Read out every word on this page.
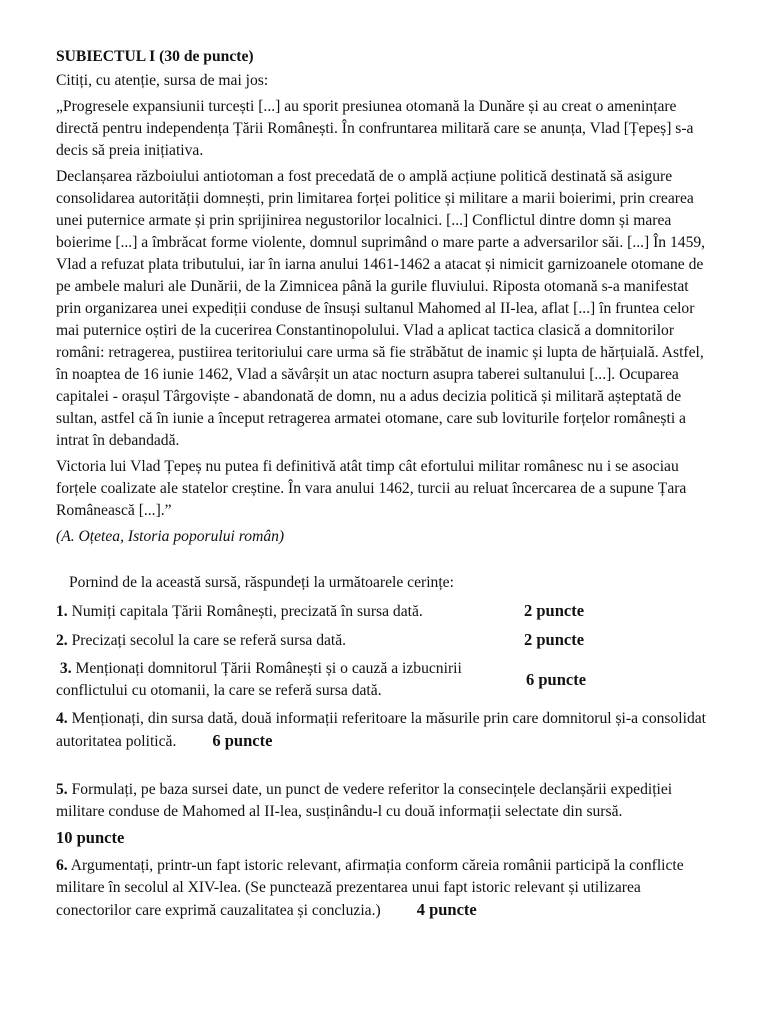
SUBIECTUL I (30 de puncte)
Citiți, cu atenție, sursa de mai jos:
„Progresele expansiunii turcești [...] au sporit presiunea otomană la Dunăre și au creat o amenințare directă pentru independența Țării Românești. În confruntarea militară care se anunța, Vlad [Țepeș] s-a decis să preia inițiativa.
Declanșarea războiului antiotoman a fost precedată de o amplă acțiune politică destinată să asigure consolidarea autorității domnești, prin limitarea forței politice și militare a marii boierimi, prin crearea unei puternice armate și prin sprijinirea negustorilor localnici. [...] Conflictul dintre domn și marea boierime [...] a îmbrăcat forme violente, domnul suprimând o mare parte a adversarilor săi. [...] În 1459, Vlad a refuzat plata tributului, iar în iarna anului 1461-1462 a atacat și nimicit garnizoanele otomane de pe ambele maluri ale Dunării, de la Zimnicea până la gurile fluviului. Riposta otomană s-a manifestat prin organizarea unei expediții conduse de însuși sultanul Mahomed al II-lea, aflat [...] în fruntea celor mai puternice oștiri de la cucerirea Constantinopolului. Vlad a aplicat tactica clasică a domnitorilor români: retragerea, pustiirea teritoriului care urma să fie străbătut de inamic și lupta de hărțuială. Astfel, în noaptea de 16 iunie 1462, Vlad a săvârșit un atac nocturn asupra taberei sultanului [...]. Ocuparea capitalei - orașul Târgoviște - abandonată de domn, nu a adus decizia politică și militară așteptată de sultan, astfel că în iunie a început retragerea armatei otomane, care sub loviturile forțelor românești a intrat în debandadă.
Victoria lui Vlad Țepeș nu putea fi definitivă atât timp cât efortului militar românesc nu i se asociau forțele coalizate ale statelor creștine. În vara anului 1462, turcii au reluat încercarea de a supune Țara Românească [...].”
(A. Oțetea, Istoria poporului român)
Pornind de la această sursă, răspundeți la următoarele cerințe:
1. Numiți capitala Țării Românești, precizată în sursa dată.	2 puncte
2. Precizați secolul la care se referă sursa dată.	2 puncte
3. Menționați domnitorul Țării Românești și o cauză a izbucnirii conflictului cu otomanii, la care se referă sursa dată.
6 puncte
4. Menționați, din sursa dată, două informații referitoare la măsurile prin care domnitorul și-a consolidat autoritatea politică. 6 puncte
5. Formulați, pe baza sursei date, un punct de vedere referitor la consecințele declanșării expediției militare conduse de Mahomed al II-lea, susținându-l cu două informații selectate din sursă.
10 puncte
6. Argumentați, printr-un fapt istoric relevant, afirmația conform căreia românii participă la conflicte militare în secolul al XIV-lea. (Se punctează prezentarea unui fapt istoric relevant și utilizarea conectorilor care exprimă cauzalitatea și concluzia.) 4 puncte
